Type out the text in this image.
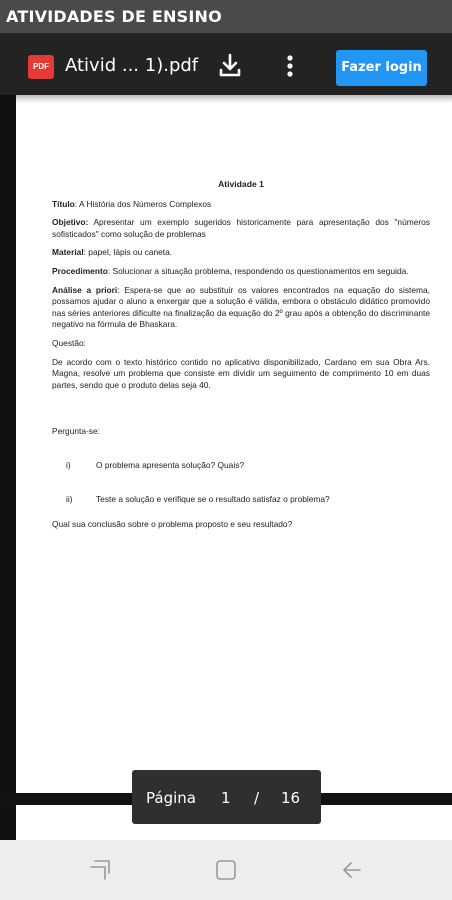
ATIVIDADES DE ENSINO
PDF Ativid ... 1).pdf	Fazer login
Atividade 1

Título: A História dos Números Complexos

Objetivo: Apresentar um exemplo sugeridos historicamente para apresentação dos "números sofisticados" como solução de problemas

Material: papel, lápis ou caneta.

Procedimento: Solucionar a situação problema, respondendo os questionamentos em seguida.

Análise a priori: Espera-se que ao substituir os valores encontrados na equação do sistema, possamos ajudar o aluno a enxergar que a solução é válida, embora o obstáculo didático promovido nas séries anteriores dificulte na finalização da equação do 2º grau após a obtenção do discriminante negativo na fórmula de Bhaskara.

Questão:

De acordo com o texto histórico contido no aplicativo disponibilizado, Cardano em sua Obra Ars. Magna, resolve um problema que consiste em dividir um seguimento de comprimento 10 em duas partes, sendo que o produto delas seja 40.

Pergunta-se:

i)	O problema apresenta solução? Quais?
ii)	Teste a solução e verifique se o resultado satisfaz o problema?

Qual sua conclusão sobre o problema proposto e seu resultado?

Página 1 / 16
